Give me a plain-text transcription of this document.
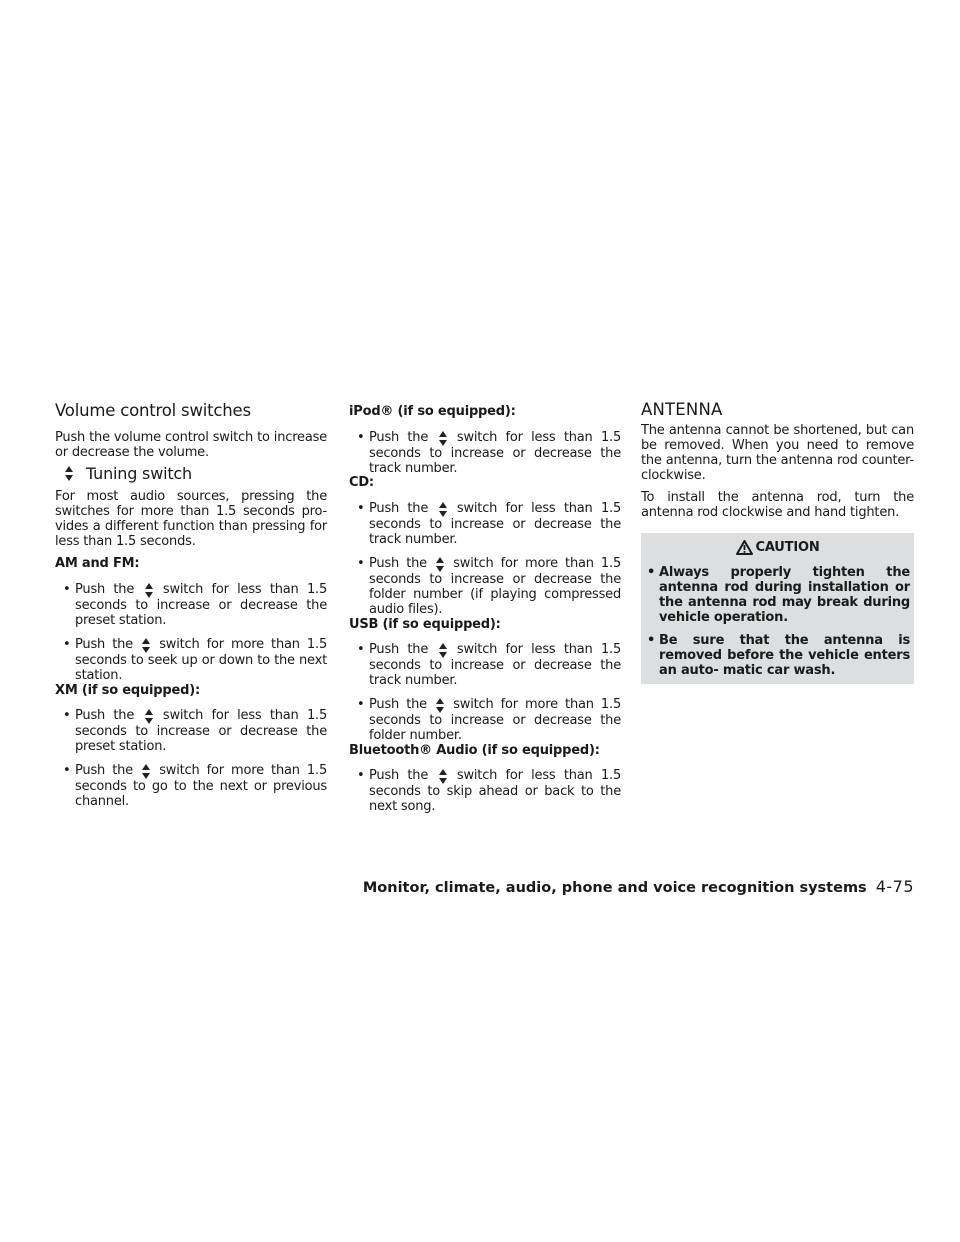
Volume control switches

Push the volume control switch to increase or decrease the volume.

Tuning switch

For most audio sources, pressing the switches for more than 1.5 seconds pro- vides a different function than pressing for less than 1.5 seconds.

AM and FM:
• Push the switch for less than 1.5 seconds to increase or decrease the preset station.
• Push the switch for more than 1.5 seconds to seek up or down to the next station.
XM (if so equipped):
• Push the switch for less than 1.5 seconds to increase or decrease the preset station.
• Push the switch for more than 1.5 seconds to go to the next or previous channel.
iPod® (if so equipped):
• Push the switch for less than 1.5 seconds to increase or decrease the track number.
CD:
• Push the switch for less than 1.5 seconds to increase or decrease the track number.
• Push the switch for more than 1.5 seconds to increase or decrease the folder number (if playing compressed audio files).
USB (if so equipped):
• Push the switch for less than 1.5 seconds to increase or decrease the track number.
• Push the switch for more than 1.5 seconds to increase or decrease the folder number.
Bluetooth® Audio (if so equipped):
• Push the switch for less than 1.5 seconds to skip ahead or back to the next song.
ANTENNA

The antenna cannot be shortened, but can be removed. When you need to remove the antenna, turn the antenna rod counter- clockwise.

To install the antenna rod, turn the antenna rod clockwise and hand tighten.

CAUTION
• Always properly tighten the antenna rod during installation or the antenna rod may break during vehicle operation.
• Be sure that the antenna is removed before the vehicle enters an auto- matic car wash.
Monitor, climate, audio, phone and voice recognition systems 4-75
